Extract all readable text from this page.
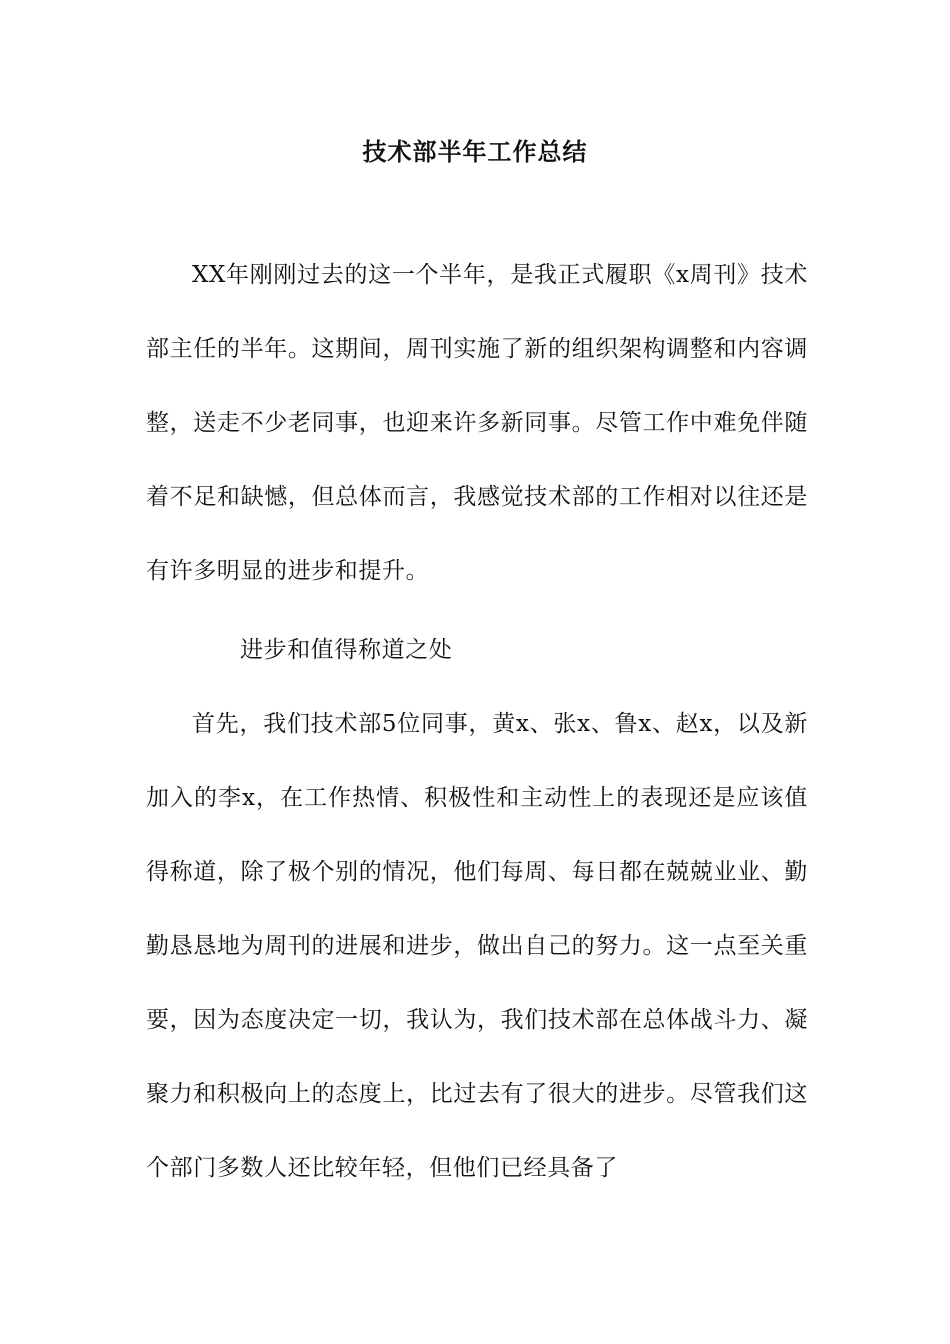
技术部半年工作总结

XX年刚刚过去的这一个半年，是我正式履职《x周刊》技术部主任的半年。这期间，周刊实施了新的组织架构调整和内容调整，送走不少老同事，也迎来许多新同事。尽管工作中难免伴随着不足和缺憾，但总体而言，我感觉技术部的工作相对以往还是有许多明显的进步和提升。

进步和值得称道之处

首先，我们技术部5位同事，黄x、张x、鲁x、赵x，以及新加入的李x，在工作热情、积极性和主动性上的表现还是应该值得称道，除了极个别的情况，他们每周、每日都在兢兢业业、勤勤恳恳地为周刊的进展和进步，做出自己的努力。这一点至关重要，因为态度决定一切，我认为，我们技术部在总体战斗力、凝聚力和积极向上的态度上，比过去有了很大的进步。尽管我们这个部门多数人还比较年轻，但他们已经具备了
